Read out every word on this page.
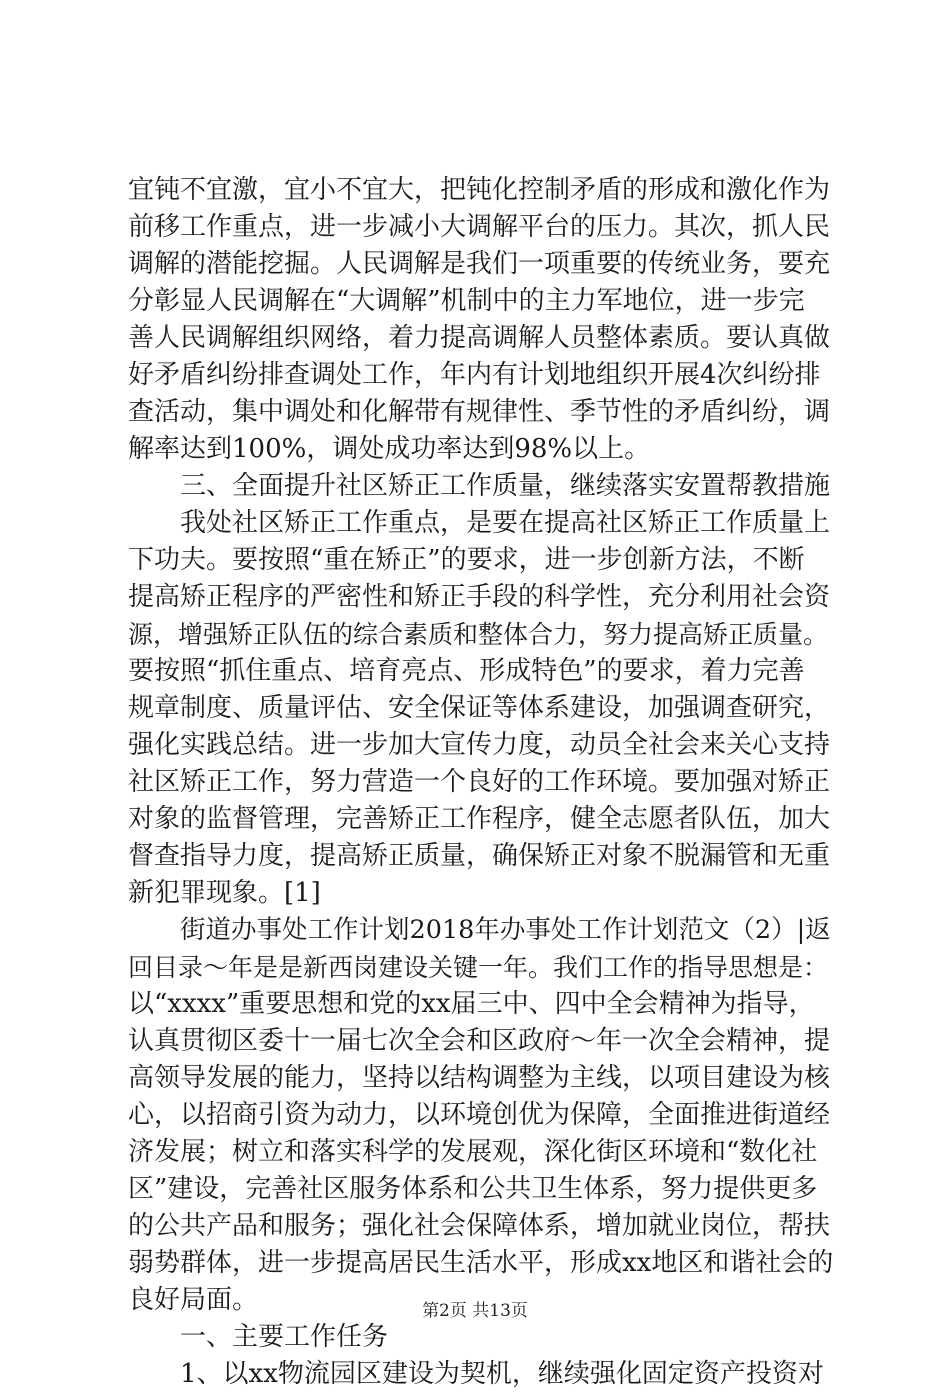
宜钝不宜激，宜小不宜大，把钝化控制矛盾的形成和激化作为
前移工作重点，进一步减小大调解平台的压力。其次，抓人民
调解的潜能挖掘。人民调解是我们一项重要的传统业务，要充
分彰显人民调解在“大调解”机制中的主力军地位，进一步完
善人民调解组织网络，着力提高调解人员整体素质。要认真做
好矛盾纠纷排查调处工作，年内有计划地组织开展4次纠纷排
查活动，集中调处和化解带有规律性、季节性的矛盾纠纷，调
解率达到100%，调处成功率达到98%以上。
三、全面提升社区矫正工作质量，继续落实安置帮教措施
我处社区矫正工作重点，是要在提高社区矫正工作质量上
下功夫。要按照“重在矫正”的要求，进一步创新方法，不断
提高矫正程序的严密性和矫正手段的科学性，充分利用社会资
源，增强矫正队伍的综合素质和整体合力，努力提高矫正质量。
要按照“抓住重点、培育亮点、形成特色”的要求，着力完善
规章制度、质量评估、安全保证等体系建设，加强调查研究，
强化实践总结。进一步加大宣传力度，动员全社会来关心支持
社区矫正工作，努力营造一个良好的工作环境。要加强对矫正
对象的监督管理，完善矫正工作程序，健全志愿者队伍，加大
督查指导力度，提高矫正质量，确保矫正对象不脱漏管和无重
新犯罪现象。[1]
街道办事处工作计划2018年办事处工作计划范文（2）|返
回目录～年是是新西岗建设关键一年。我们工作的指导思想是：
以“xxxx”重要思想和党的xx届三中、四中全会精神为指导，
认真贯彻区委十一届七次全会和区政府～年一次全会精神，提
高领导发展的能力，坚持以结构调整为主线，以项目建设为核
心，以招商引资为动力，以环境创优为保障，全面推进街道经
济发展；树立和落实科学的发展观，深化街区环境和“数化社
区”建设，完善社区服务体系和公共卫生体系，努力提供更多
的公共产品和服务；强化社会保障体系，增加就业岗位，帮扶
弱势群体，进一步提高居民生活水平，形成xx地区和谐社会的
良好局面。
一、主要工作任务
1、以xx物流园区建设为契机，继续强化固定资产投资对
第2页 共13页
